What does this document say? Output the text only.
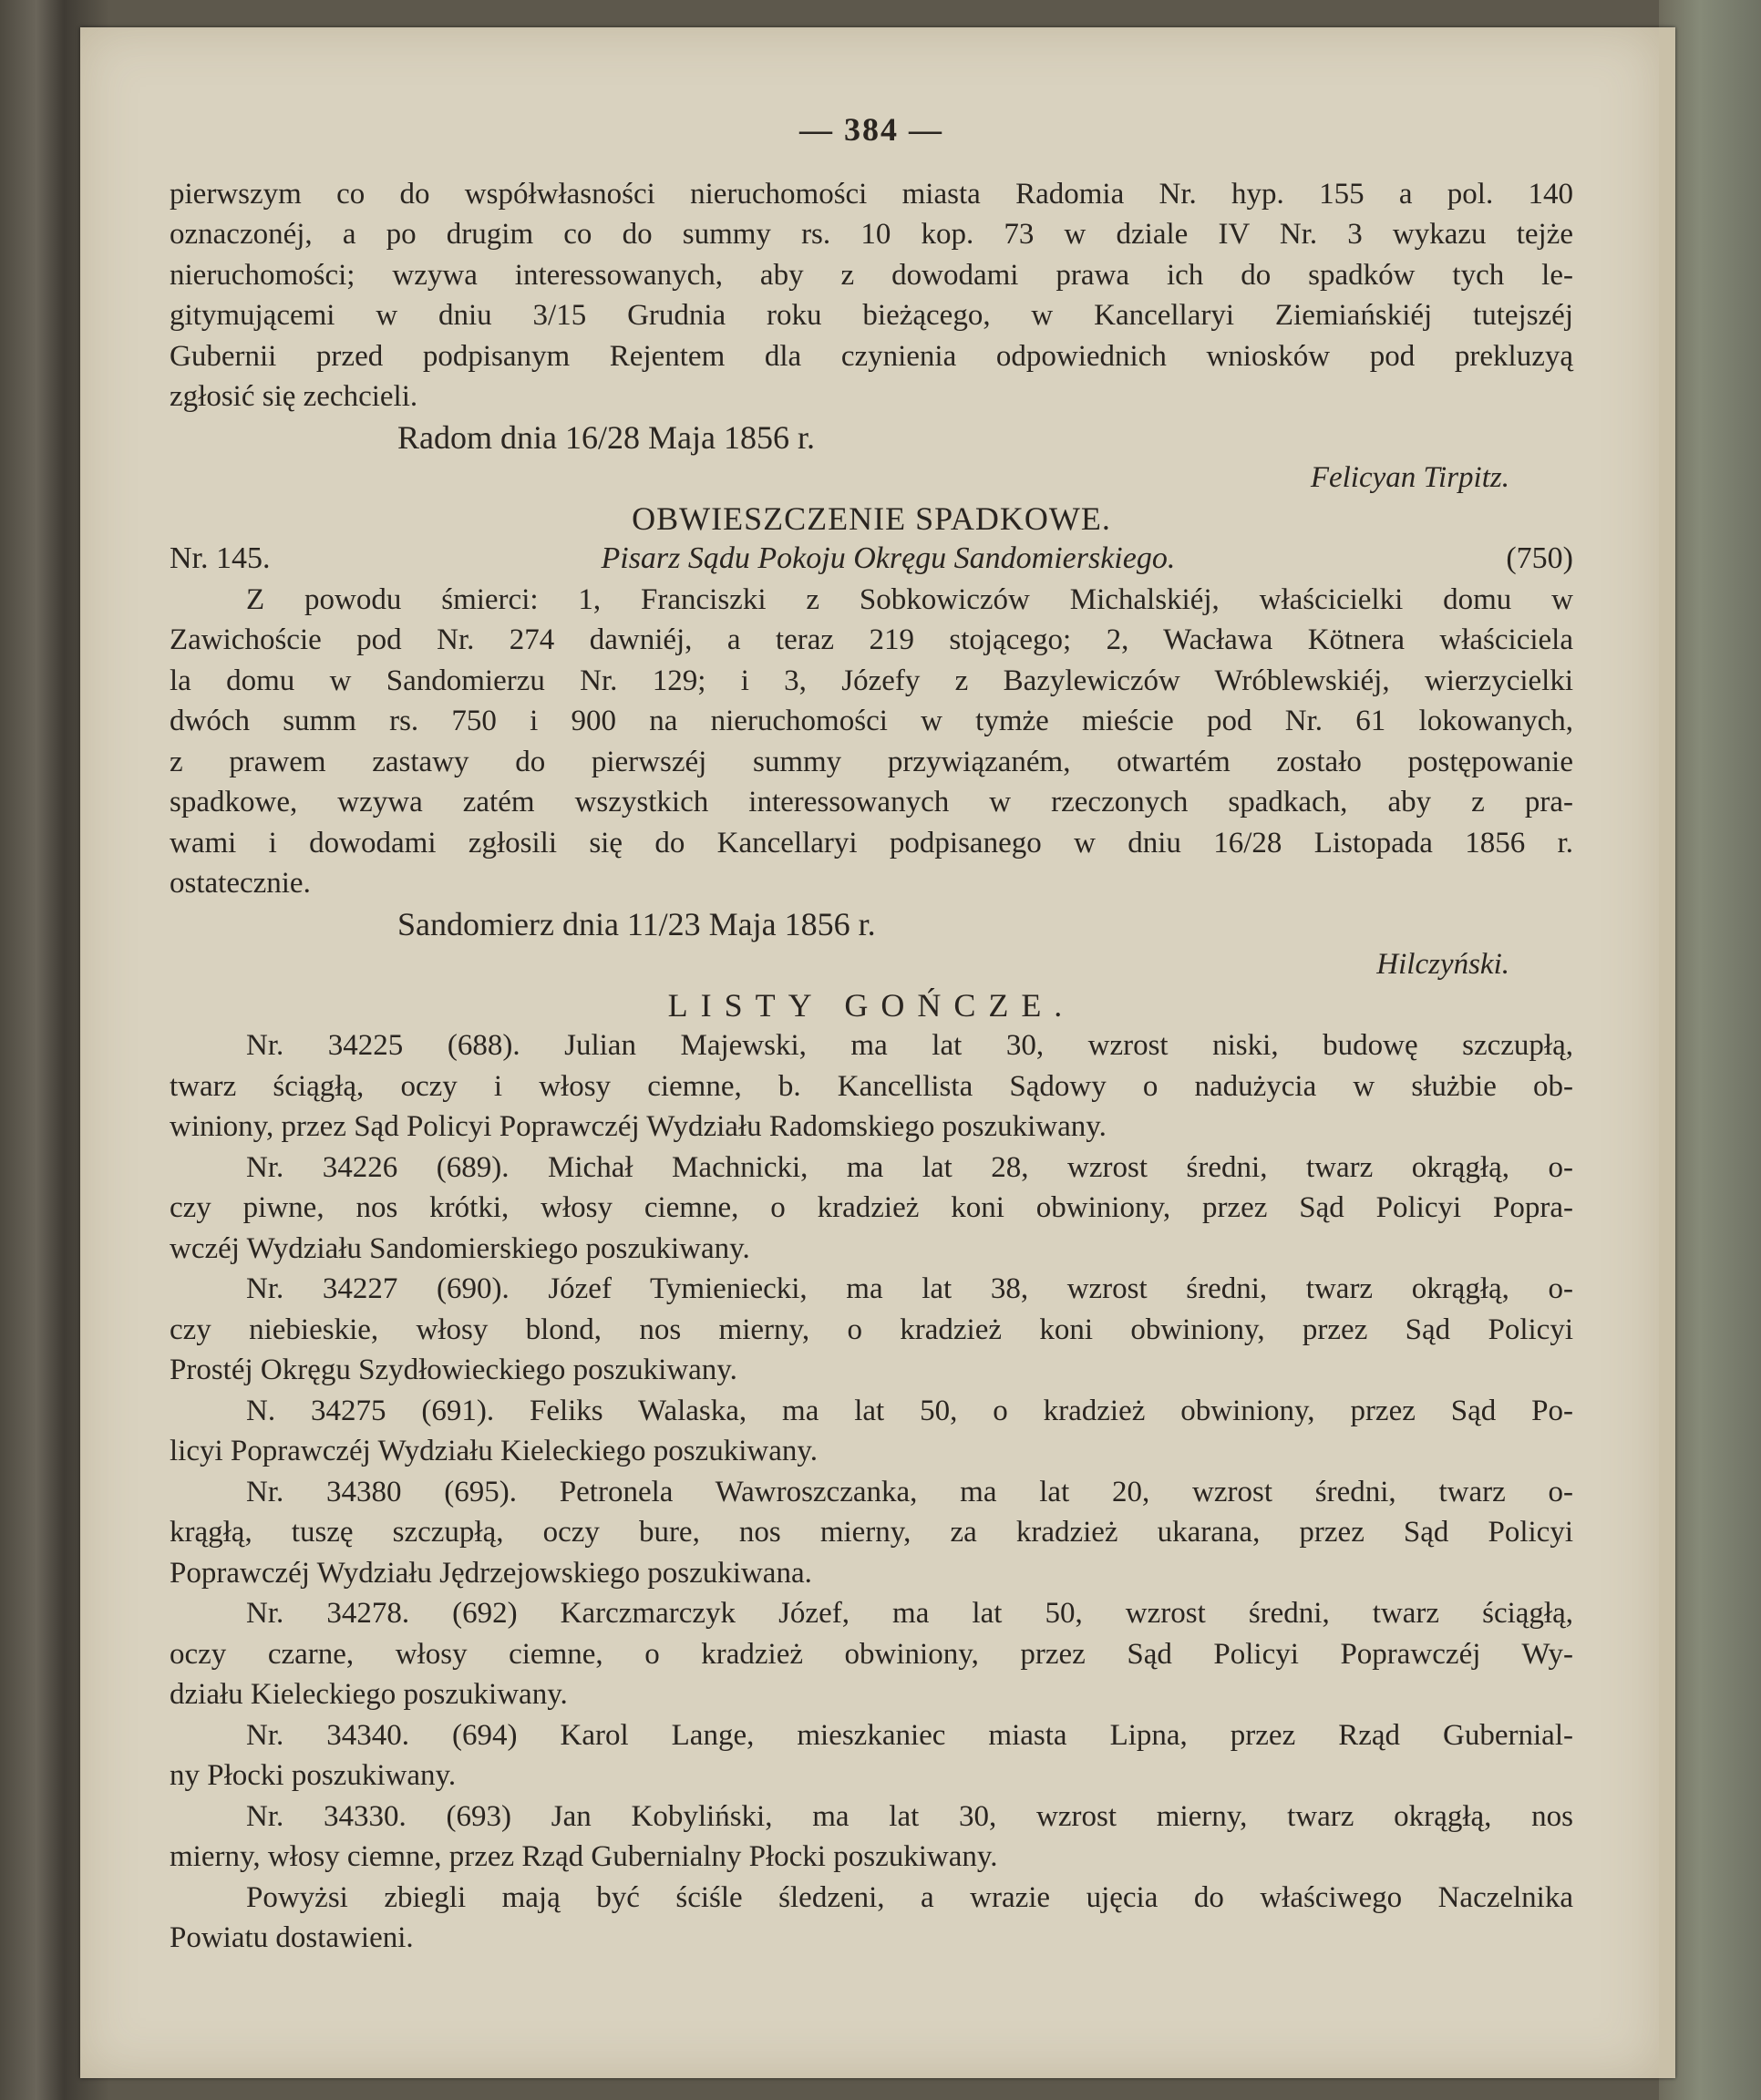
— 384 —
pierwszym co do współwłasności nieruchomości miasta Radomia Nr. hyp. 155 a pol. 140
oznaczonéj, a po drugim co do summy rs. 10 kop. 73 w dziale IV Nr. 3 wykazu tejże
nieruchomości; wzywa interessowanych, aby z dowodami prawa ich do spadków tych le-
gitymującemi w dniu 3/15 Grudnia roku bieżącego, w Kancellaryi Ziemiańskiéj tutejszéj
Gubernii przed podpisanym Rejentem dla czynienia odpowiednich wniosków pod prekluzyą
zgłosić się zechcieli.
Radom dnia 16/28 Maja 1856 r.
Felicyan Tirpitz.
OBWIESZCZENIE SPADKOWE.
Nr. 145.	Pisarz Sądu Pokoju Okręgu Sandomierskiego.	(750)
Z powodu śmierci: 1, Franciszki z Sobkowiczów Michalskiéj, właścicielki domu w
Zawichoście pod Nr. 274 dawniéj, a teraz 219 stojącego; 2, Wacława Kötnera właściciela
la domu w Sandomierzu Nr. 129; i 3, Józefy z Bazylewiczów Wróblewskiéj, wierzycielki
dwóch summ rs. 750 i 900 na nieruchomości w tymże mieście pod Nr. 61 lokowanych,
z prawem zastawy do pierwszéj summy przywiązaném, otwartém zostało postępowanie
spadkowe, wzywa zatém wszystkich interessowanych w rzeczonych spadkach, aby z pra-
wami i dowodami zgłosili się do Kancellaryi podpisanego w dniu 16/28 Listopada 1856 r.
ostatecznie.
Sandomierz dnia 11/23 Maja 1856 r.
Hilczyński.
LISTY GOŃCZE.
Nr. 34225 (688). Julian Majewski, ma lat 30, wzrost niski, budowę szczupłą,
twarz ściągłą, oczy i włosy ciemne, b. Kancellista Sądowy o nadużycia w służbie ob-
winiony, przez Sąd Policyi Poprawczéj Wydziału Radomskiego poszukiwany.
Nr. 34226 (689). Michał Machnicki, ma lat 28, wzrost średni, twarz okrągłą, o-
czy piwne, nos krótki, włosy ciemne, o kradzież koni obwiniony, przez Sąd Policyi Popra-
wczéj Wydziału Sandomierskiego poszukiwany.
Nr. 34227 (690). Józef Tymieniecki, ma lat 38, wzrost średni, twarz okrągłą, o-
czy niebieskie, włosy blond, nos mierny, o kradzież koni obwiniony, przez Sąd Policyi
Prostéj Okręgu Szydłowieckiego poszukiwany.
N. 34275 (691). Feliks Walaska, ma lat 50, o kradzież obwiniony, przez Sąd Po-
licyi Poprawczéj Wydziału Kieleckiego poszukiwany.
Nr. 34380 (695). Petronela Wawroszczanka, ma lat 20, wzrost średni, twarz o-
krągłą, tuszę szczupłą, oczy bure, nos mierny, za kradzież ukarana, przez Sąd Policyi
Poprawczéj Wydziału Jędrzejowskiego poszukiwana.
Nr. 34278. (692) Karczmarczyk Józef, ma lat 50, wzrost średni, twarz ściągłą,
oczy czarne, włosy ciemne, o kradzież obwiniony, przez Sąd Policyi Poprawczéj Wy-
działu Kieleckiego poszukiwany.
Nr. 34340. (694) Karol Lange, mieszkaniec miasta Lipna, przez Rząd Gubernial-
ny Płocki poszukiwany.
Nr. 34330. (693) Jan Kobyliński, ma lat 30, wzrost mierny, twarz okrągłą, nos
mierny, włosy ciemne, przez Rząd Gubernialny Płocki poszukiwany.
Powyżsi zbiegli mają być ściśle śledzeni, a wrazie ujęcia do właściwego Naczelnika
Powiatu dostawieni.
